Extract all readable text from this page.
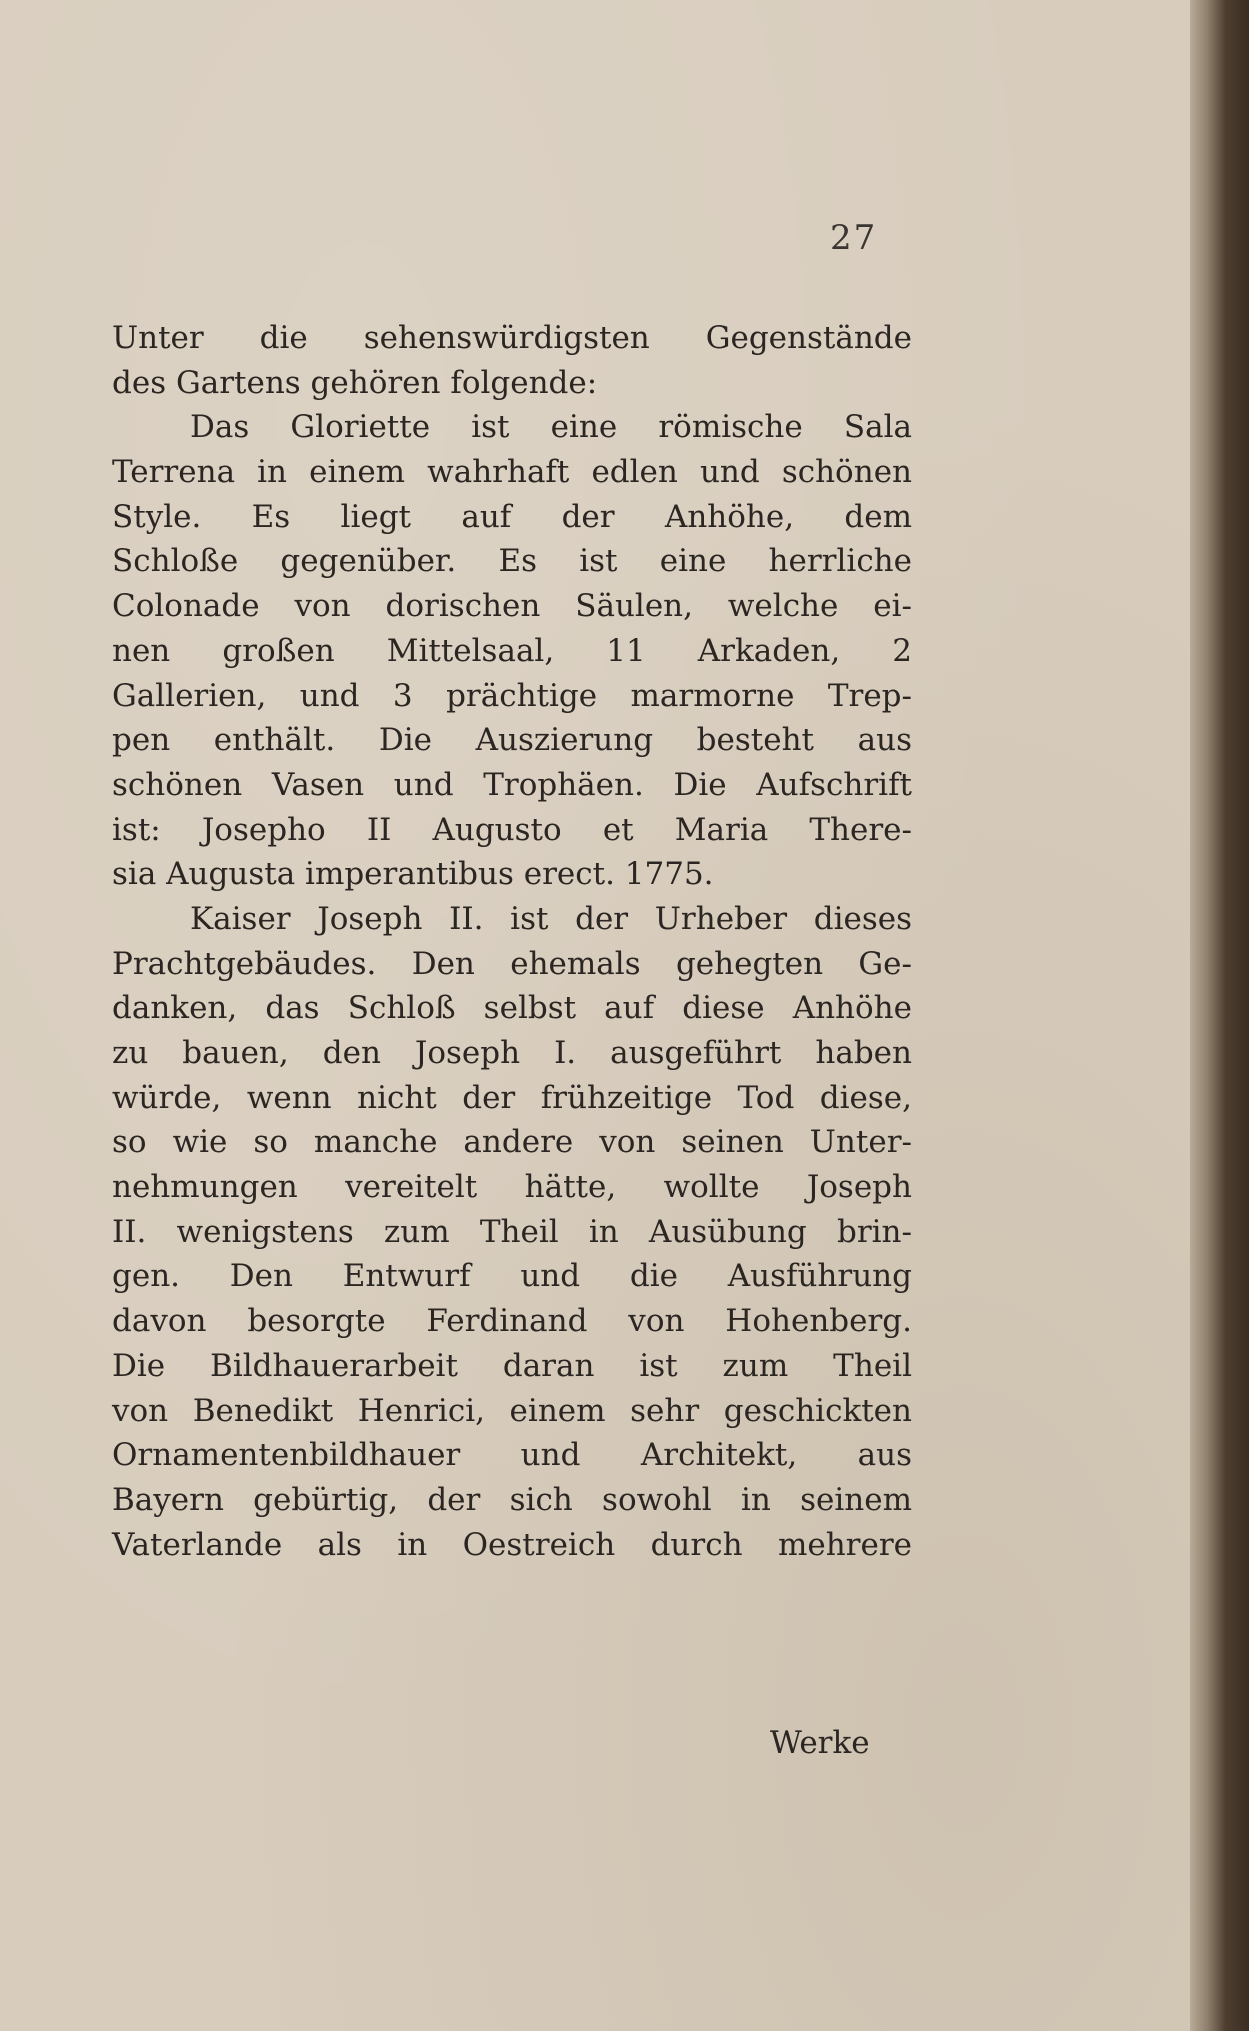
27
Unter die sehenswürdigsten Gegenstände
des Gartens gehören folgende:
Das Gloriette ist eine römische Sala
Terrena in einem wahrhaft edlen und schönen
Style. Es liegt auf der Anhöhe, dem
Schloße gegenüber. Es ist eine herrliche
Colonade von dorischen Säulen, welche ei-
nen großen Mittelsaal, 11 Arkaden, 2
Gallerien, und 3 prächtige marmorne Trep-
pen enthält. Die Auszierung besteht aus
schönen Vasen und Trophäen. Die Aufschrift
ist: Josepho II Augusto et Maria There-
sia Augusta imperantibus erect. 1775.
Kaiser Joseph II. ist der Urheber dieses
Prachtgebäudes. Den ehemals gehegten Ge-
danken, das Schloß selbst auf diese Anhöhe
zu bauen, den Joseph I. ausgeführt haben
würde, wenn nicht der frühzeitige Tod diese,
so wie so manche andere von seinen Unter-
nehmungen vereitelt hätte, wollte Joseph
II. wenigstens zum Theil in Ausübung brin-
gen. Den Entwurf und die Ausführung
davon besorgte Ferdinand von Hohenberg.
Die Bildhauerarbeit daran ist zum Theil
von Benedikt Henrici, einem sehr geschickten
Ornamentenbildhauer und Architekt, aus
Bayern gebürtig, der sich sowohl in seinem
Vaterlande als in Oestreich durch mehrere
Werke
